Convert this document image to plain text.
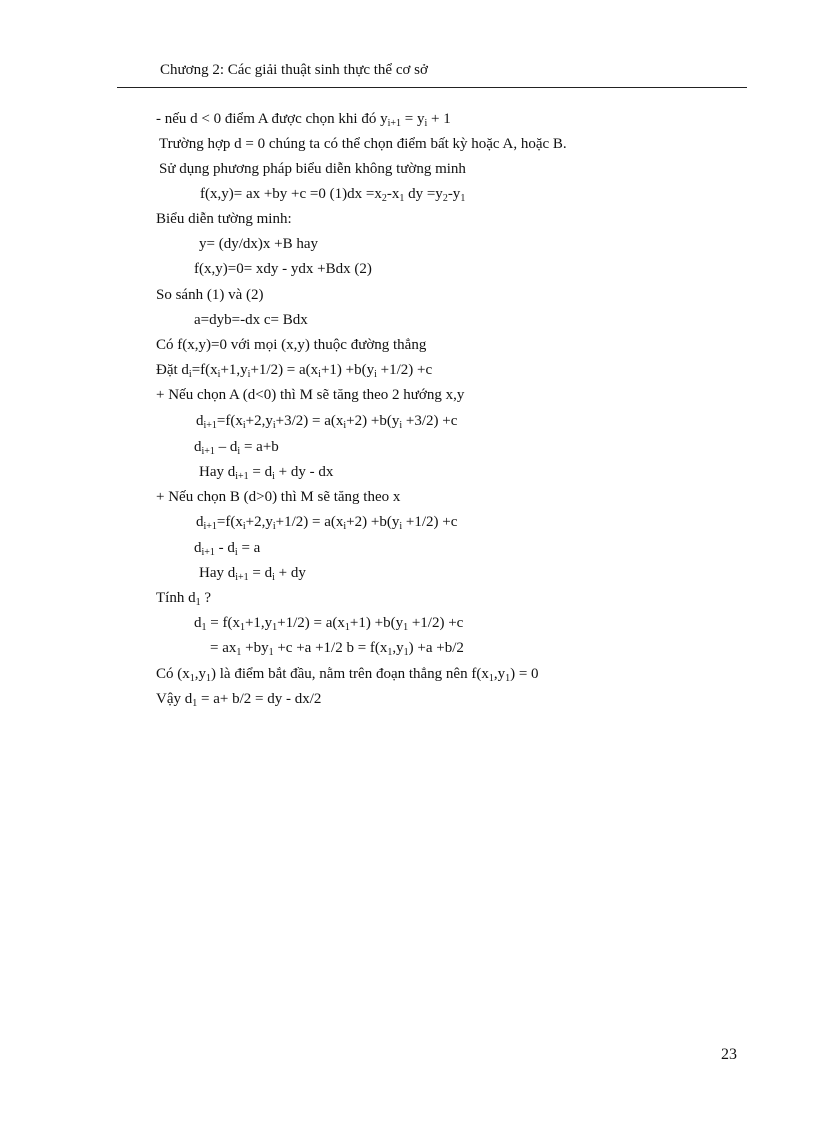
Chương 2: Các giải thuật sinh thực thể cơ sở
- nếu d < 0 điểm A được chọn khi đó $y_{i+1} = y_i + 1$
Trường hợp d = 0 chúng ta có thể chọn điểm bất kỳ hoặc A, hoặc B.
Sử dụng phương pháp biểu diễn không tường minh
f(x,y)= ax +by +c =0 $(1)dx =x_2-x_1$ dy $=y_2-y_1$
Biểu diễn tường minh:
y= (dy/dx)x +B hay
f(x,y)=0= xdy - ydx +Bdx (2)
So sánh (1) và (2)
a=dyb=-dx c= Bdx
Có f(x,y)=0 với mọi (x,y) thuộc đường thẳng
Đặt $d_i=f(x_i+1,y_i+1/2) = a(x_i+1) +b(y_i +1/2) +c$
+ Nếu chọn A (d<0) thì M sẽ tăng theo 2 hướng x,y
$d_{i+1}=f(x_i+2,y_i+3/2) = a(x_i+2) +b(y_i +3/2) +c$
$d_{i+1} - d_i = a+b$
Hay $d_{i+1} = d_i$ + dy - dx
+ Nếu chọn B (d>0) thì M sẽ tăng theo x
$d_{i+1}=f(x_i+2,y_i+1/2) = a(x_i+2) +b(y_i +1/2) +c$
$d_{i+1} - d_i = a$
Hay $d_{i+1} = d_i$ + dy
Tính $d_1$ ?
$d_1 = f(x_1+1,y_1+1/2) = a(x_1+1) +b(y_1 +1/2) +c$
= $ax_1 +by_1 +c +a +1/2$ $b = f(x_1,y_1) +a +b/2$
Có $(x_1,y_1)$ là điểm bắt đầu, nằm trên đoạn thẳng nên $f(x_1,y_1) = 0$
Vậy $d_1 = a+ b/2$ = dy - dx/2
23
